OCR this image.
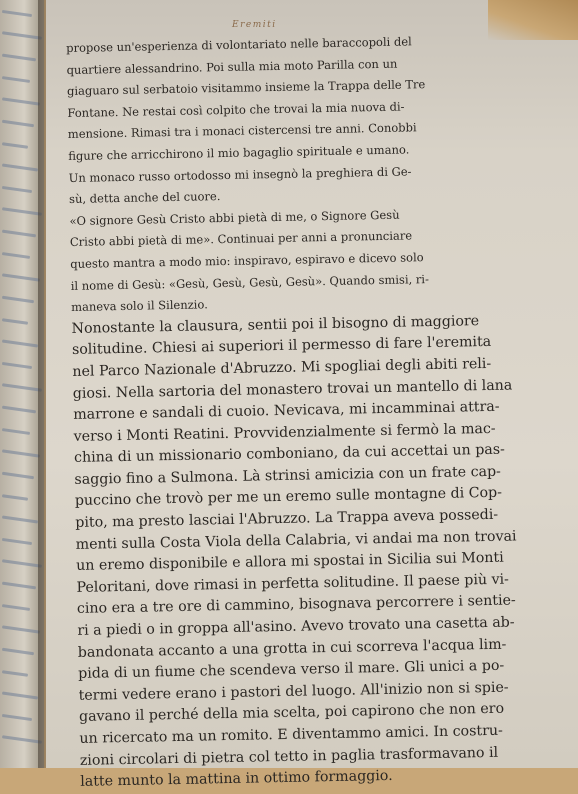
Eremiti
propose un'esperienza di volontariato nelle baraccopoli del
quartiere alessandrino. Poi sulla mia moto Parilla con un
giaguaro sul serbatoio visitammo insieme la Trappa delle Tre
Fontane. Ne restai così colpito che trovai la mia nuova di-
mensione. Rimasi tra i monaci cistercensi tre anni. Conobbi
figure che arricchirono il mio bagaglio spirituale e umano.
Un monaco russo ortodosso mi insegnò la preghiera di Ge-
sù, detta anche del cuore.
«O signore Gesù Cristo abbi pietà di me, o Signore Gesù
Cristo abbi pietà di me». Continuai per anni a pronunciare
questo mantra a modo mio: inspiravo, espiravo e dicevo solo
il nome di Gesù: «Gesù, Gesù, Gesù, Gesù». Quando smisi, ri-
maneva solo il Silenzio.
Nonostante la clausura, sentii poi il bisogno di maggiore
solitudine. Chiesi ai superiori il permesso di fare l'eremita
nel Parco Nazionale d'Abruzzo. Mi spogliai degli abiti reli-
giosi. Nella sartoria del monastero trovai un mantello di lana
marrone e sandali di cuoio. Nevicava, mi incamminai attra-
verso i Monti Reatini. Provvidenzialmente si fermò la mac-
china di un missionario comboniano, da cui accettai un pas-
saggio fino a Sulmona. Là strinsi amicizia con un frate cap-
puccino che trovò per me un eremo sulle montagne di Cop-
pito, ma presto lasciai l'Abruzzo. La Trappa aveva possedi-
menti sulla Costa Viola della Calabria, vi andai ma non trovai
un eremo disponibile e allora mi spostai in Sicilia sui Monti
Peloritani, dove rimasi in perfetta solitudine. Il paese più vi-
cino era a tre ore di cammino, bisognava percorrere i sentie-
ri a piedi o in groppa all'asino. Avevo trovato una casetta ab-
bandonata accanto a una grotta in cui scorreva l'acqua lim-
pida di un fiume che scendeva verso il mare. Gli unici a po-
termi vedere erano i pastori del luogo. All'inizio non si spie-
gavano il perché della mia scelta, poi capirono che non ero
un ricercato ma un romito. E diventammo amici. In costru-
zioni circolari di pietra col tetto in paglia trasformavano il
latte munto la mattina in ottimo formaggio.
